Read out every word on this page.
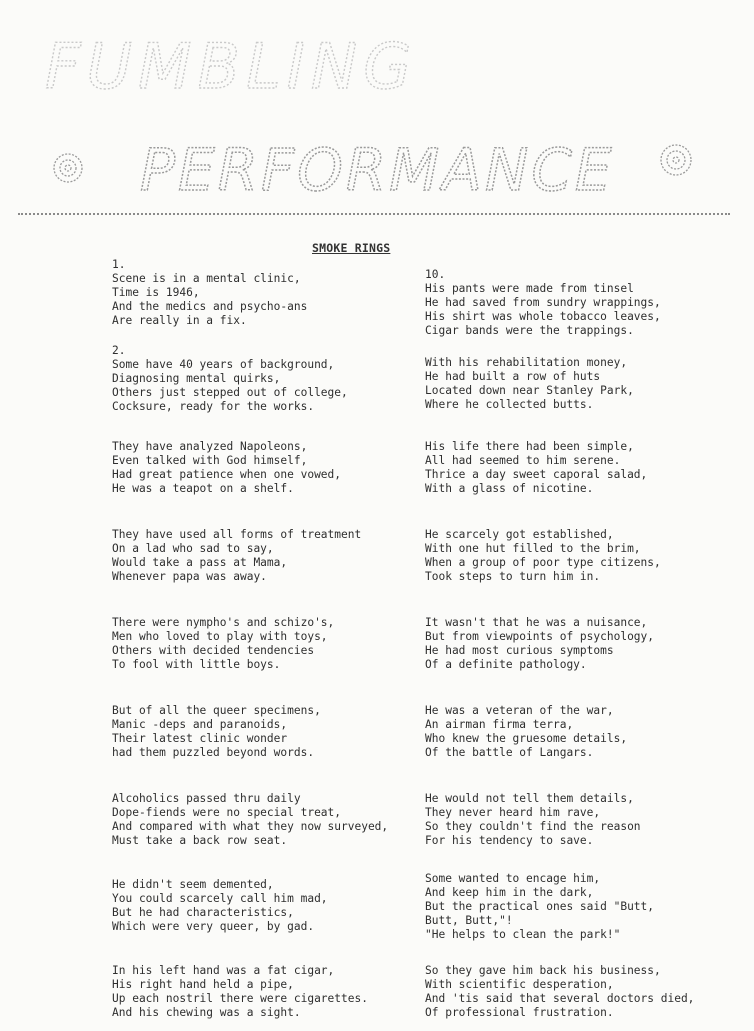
FUMBLING
PERFORMANCE
SMOKE RINGS
1.
Scene is in a mental clinic,
Time is 1946,
And the medics and psycho-ans
Are really in a fix.
2.
Some have 40 years of background,
Diagnosing mental quirks,
Others just stepped out of college,
Cocksure, ready for the works.
They have analyzed Napoleons,
Even talked with God himself,
Had great patience when one vowed,
He was a teapot on a shelf.
They have used all forms of treatment
On a lad who sad to say,
Would take a pass at Mama,
Whenever papa was away.
There were nympho's and schizo's,
Men who loved to play with toys,
Others with decided tendencies
To fool with little boys.
But of all the queer specimens,
Manic -deps and paranoids,
Their latest clinic wonder
had them puzzled beyond words.
Alcoholics passed thru daily
Dope-fiends were no special treat,
And compared with what they now surveyed,
Must take a back row seat.
He didn't seem demented,
You could scarcely call him mad,
But he had characteristics,
Which were very queer, by gad.
In his left hand was a fat cigar,
His right hand held a pipe,
Up each nostril there were cigarettes.
And his chewing was a sight.
10.
His pants were made from tinsel
He had saved from sundry wrappings,
His shirt was whole tobacco leaves,
Cigar bands were the trappings.
With his rehabilitation money,
He had built a row of huts
Located down near Stanley Park,
Where he collected butts.
His life there had been simple,
All had seemed to him serene.
Thrice a day sweet caporal salad,
With a glass of nicotine.
He scarcely got established,
With one hut filled to the brim,
When a group of poor type citizens,
Took steps to turn him in.
It wasn't that he was a nuisance,
But from viewpoints of psychology,
He had most curious symptoms
Of a definite pathology.
He was a veteran of the war,
An airman firma terra,
Who knew the gruesome details,
Of the battle of Langars.
He would not tell them details,
They never heard him rave,
So they couldn't find the reason
For his tendency to save.
Some wanted to encage him,
And keep him in the dark,
But the practical ones said "Butt,
Butt, Butt,"!
"He helps to clean the park!"
So they gave him back his business,
With scientific desperation,
And 'tis said that several doctors died,
Of professional frustration.
